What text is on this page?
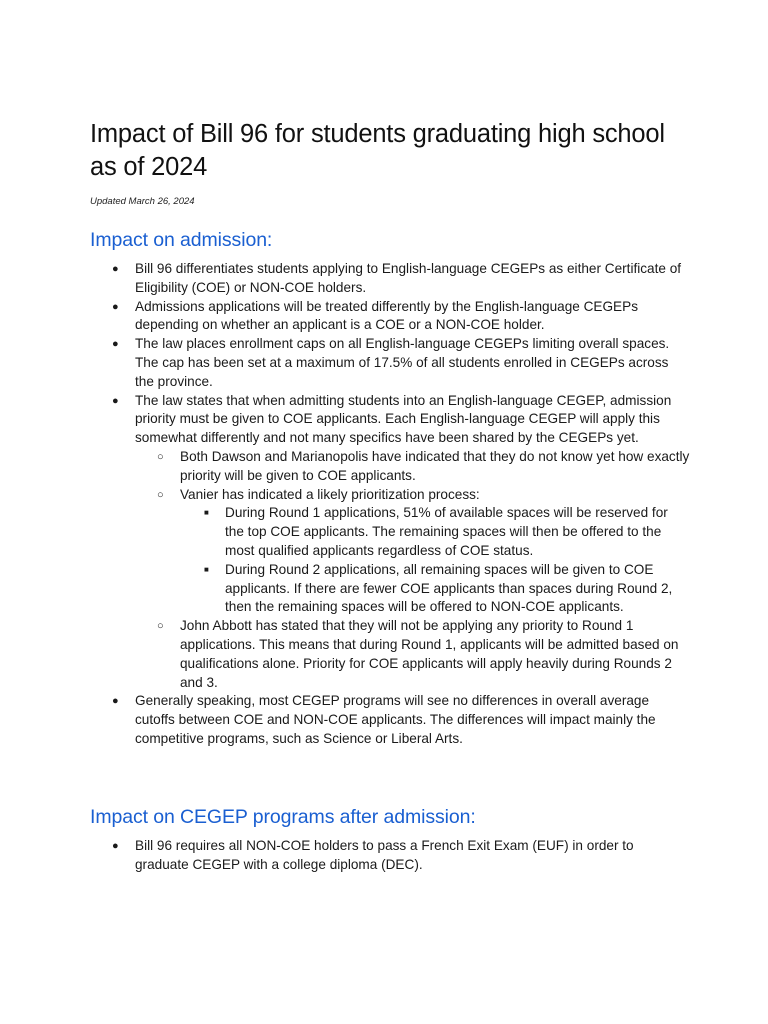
Impact of Bill 96 for students graduating high school as of 2024
Updated March 26, 2024
Impact on admission:
● Bill 96 differentiates students applying to English-language CEGEPs as either Certificate of Eligibility (COE) or NON-COE holders.
● Admissions applications will be treated differently by the English-language CEGEPs depending on whether an applicant is a COE or a NON-COE holder.
● The law places enrollment caps on all English-language CEGEPs limiting overall spaces. The cap has been set at a maximum of 17.5% of all students enrolled in CEGEPs across the province.
● The law states that when admitting students into an English-language CEGEP, admission priority must be given to COE applicants. Each English-language CEGEP will apply this somewhat differently and not many specifics have been shared by the CEGEPs yet.
○ Both Dawson and Marianopolis have indicated that they do not know yet how exactly priority will be given to COE applicants.
○ Vanier has indicated a likely prioritization process:
■ During Round 1 applications, 51% of available spaces will be reserved for the top COE applicants. The remaining spaces will then be offered to the most qualified applicants regardless of COE status.
■ During Round 2 applications, all remaining spaces will be given to COE applicants. If there are fewer COE applicants than spaces during Round 2, then the remaining spaces will be offered to NON-COE applicants.
○ John Abbott has stated that they will not be applying any priority to Round 1 applications. This means that during Round 1, applicants will be admitted based on qualifications alone. Priority for COE applicants will apply heavily during Rounds 2 and 3.
● Generally speaking, most CEGEP programs will see no differences in overall average cutoffs between COE and NON-COE applicants. The differences will impact mainly the competitive programs, such as Science or Liberal Arts.
Impact on CEGEP programs after admission:
● Bill 96 requires all NON-COE holders to pass a French Exit Exam (EUF) in order to graduate CEGEP with a college diploma (DEC).
